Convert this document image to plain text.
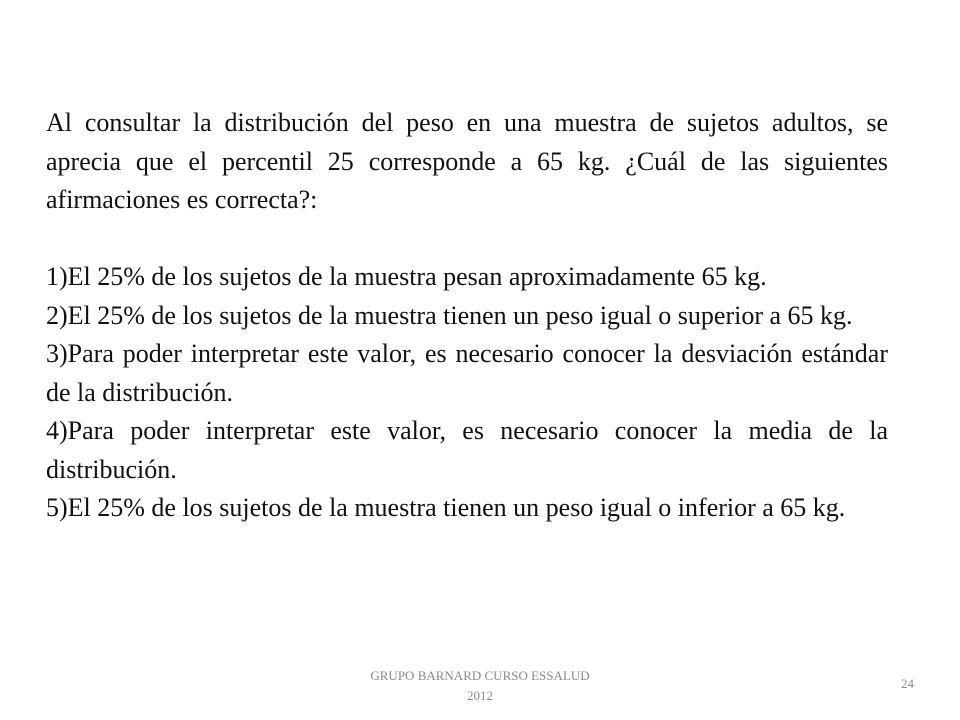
Al consultar la distribución del peso en una muestra de sujetos adultos, se aprecia que el percentil 25 corresponde a 65 kg. ¿Cuál de las siguientes afirmaciones es correcta?:

1)El 25% de los sujetos de la muestra pesan aproximadamente 65 kg.
2)El 25% de los sujetos de la muestra tienen un peso igual o superior a 65 kg.
3)Para poder interpretar este valor, es necesario conocer la desviación estándar de la distribución.
4)Para poder interpretar este valor, es necesario conocer la media de la distribución.
5)El 25% de los sujetos de la muestra tienen un peso igual o inferior a 65 kg.
GRUPO BARNARD CURSO ESSALUD
2012
24
